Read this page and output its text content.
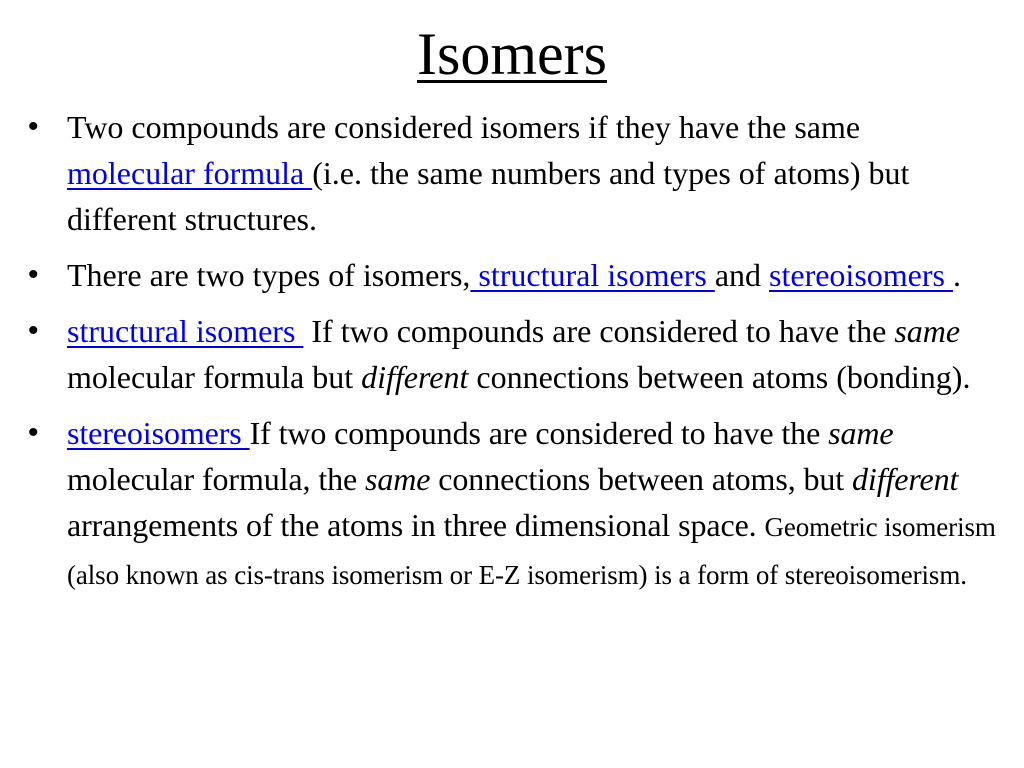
Isomers
• Two compounds are considered isomers if they have the same molecular formula (i.e. the same numbers and types of atoms) but different structures.
• There are two types of isomers, structural isomers and stereoisomers .
• structural isomers  If two compounds are considered to have the same molecular formula but different connections between atoms (bonding).
• stereoisomers If two compounds are considered to have the same molecular formula, the same connections between atoms, but different arrangements of the atoms in three dimensional space. Geometric isomerism (also known as cis-trans isomerism or E-Z isomerism) is a form of stereoisomerism.
